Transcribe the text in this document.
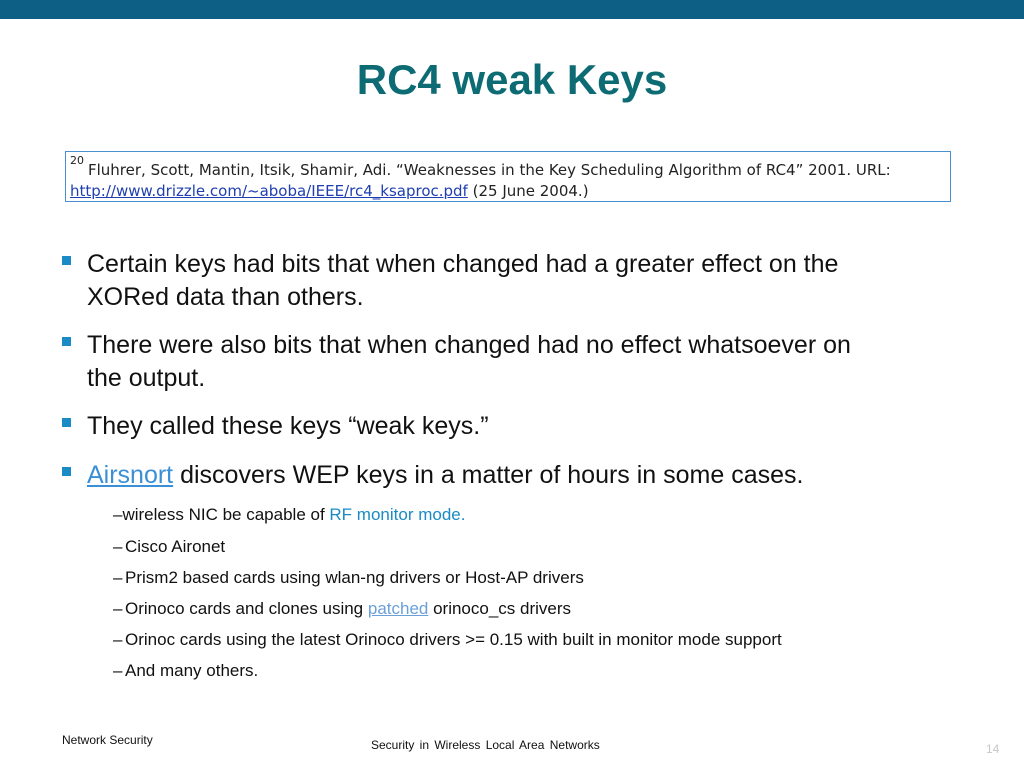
RC4 weak Keys
20
Fluhrer, Scott, Mantin, Itsik, Shamir, Adi. “Weaknesses in the Key Scheduling Algorithm of RC4” 2001. URL:
http://www.drizzle.com/~aboba/IEEE/rc4_ksaproc.pdf (25 June 2004.)
Certain keys had bits that when changed had a greater effect on the
XORed data than others.
There were also bits that when changed had no effect whatsoever on
the output.
They called these keys “weak keys.”
Airsnort discovers WEP keys in a matter of hours in some cases.
–wireless NIC be capable of RF monitor mode.
– Cisco Aironet
– Prism2 based cards using wlan-ng drivers or Host-AP drivers
– Orinoco cards and clones using patched orinoco_cs drivers
– Orinoc cards using the latest Orinoco drivers >= 0.15 with built in monitor mode support
– And many others.
Network Security	Security in Wireless Local Area Networks	14
